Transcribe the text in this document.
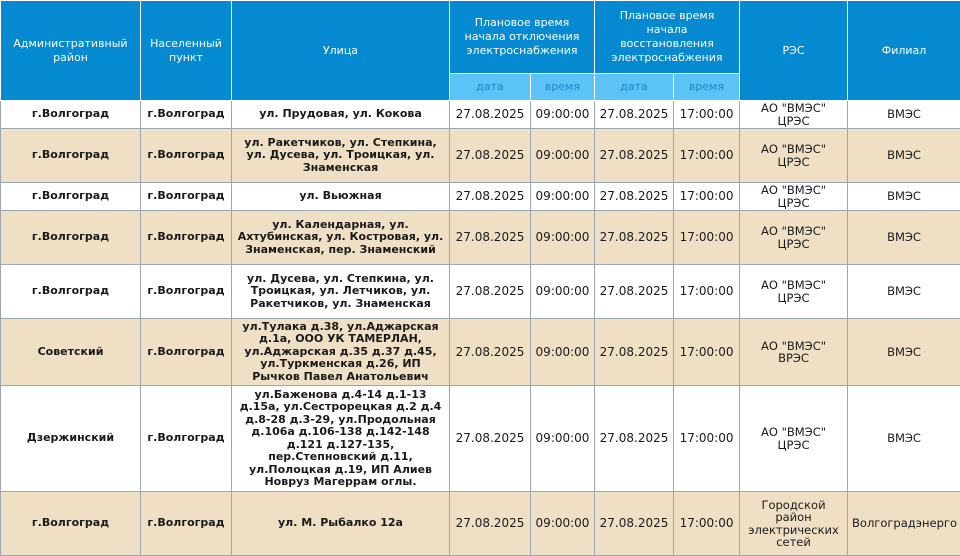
Административный район	Населенный пункт	Улица	Плановое время начала отключения электроснабжения		Плановое время начала восстановления электроснабжения		РЭС	Филиал
			дата	время	дата	время		
г.Волгоград	г.Волгоград	ул. Прудовая, ул. Кокова	27.08.2025	09:00:00	27.08.2025	17:00:00	АО "ВМЭС" ЦРЭС	ВМЭС
г.Волгоград	г.Волгоград	ул. Ракетчиков, ул. Степкина, ул. Дусева, ул. Троицкая, ул. Знаменская	27.08.2025	09:00:00	27.08.2025	17:00:00	АО "ВМЭС" ЦРЭС	ВМЭС
г.Волгоград	г.Волгоград	ул. Вьюжная	27.08.2025	09:00:00	27.08.2025	17:00:00	АО "ВМЭС" ЦРЭС	ВМЭС
г.Волгоград	г.Волгоград	ул. Календарная, ул. Ахтубинская, ул. Костровая, ул. Знаменская, пер. Знаменский	27.08.2025	09:00:00	27.08.2025	17:00:00	АО "ВМЭС" ЦРЭС	ВМЭС
г.Волгоград	г.Волгоград	ул. Дусева, ул. Степкина, ул. Троицкая, ул. Летчиков, ул. Ракетчиков, ул. Знаменская	27.08.2025	09:00:00	27.08.2025	17:00:00	АО "ВМЭС" ЦРЭС	ВМЭС
Советский	г.Волгоград	ул.Тулака д.38, ул.Аджарская д.1а, ООО УК ТАМЕРЛАН, ул.Аджарская д.35 д.37 д.45, ул.Туркменская д.26, ИП Рычков Павел Анатольевич	27.08.2025	09:00:00	27.08.2025	17:00:00	АО "ВМЭС" ВРЭС	ВМЭС
Дзержинский	г.Волгоград	ул.Баженова д.4-14 д.1-13 д.15а, ул.Сестрорецкая д.2 д.4 д.8-28 д.3-29, ул.Продольная д.106а д.106-138 д.142-148 д.121 д.127-135, пер.Степновский д.11, ул.Полоцкая д.19, ИП Алиев Новруз Магеррам оглы.	27.08.2025	09:00:00	27.08.2025	17:00:00	АО "ВМЭС" ЦРЭС	ВМЭС
г.Волгоград	г.Волгоград	ул. М. Рыбалко 12а	27.08.2025	09:00:00	27.08.2025	17:00:00	Городской район электрических сетей	Волгоградэнерго
